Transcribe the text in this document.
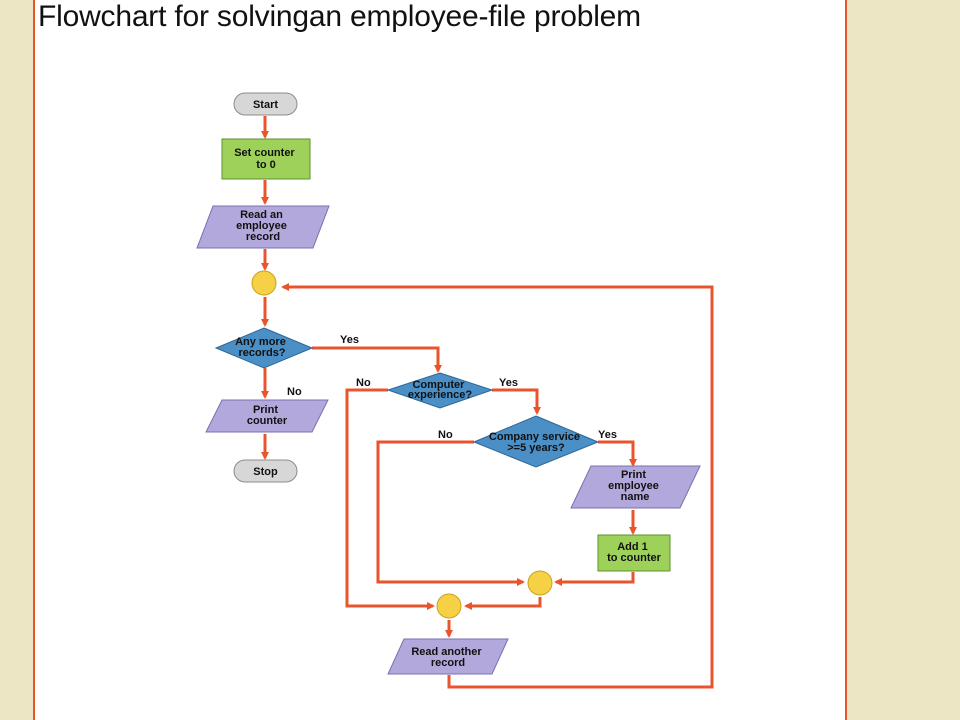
Flowchart for solvingan employee-file problem
Start
Set counter to 0
Read an employee record
Any more records?
Yes
No
Print counter
Stop
Computer experience?
No	Yes
Company service >=5 years?
No	Yes
Print employee name
Add 1 to counter
Read another record
